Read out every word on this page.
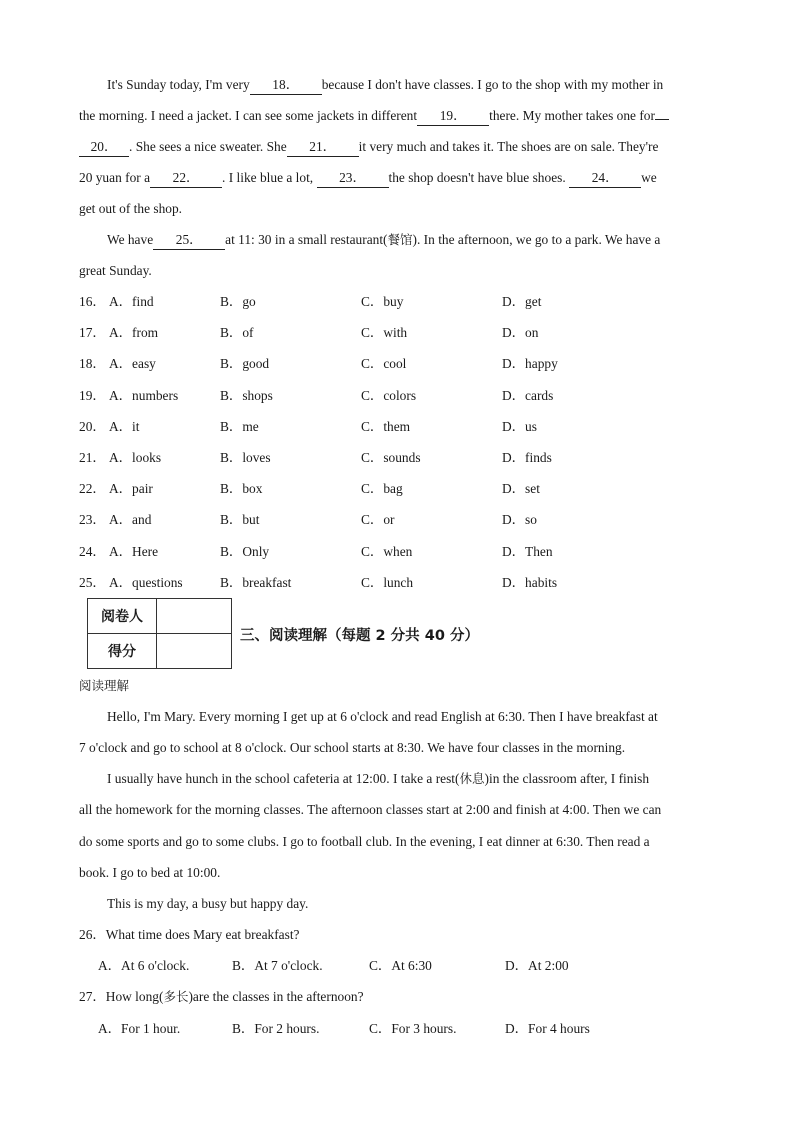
It's Sunday today, I'm very 18． because I don't have classes. I go to the shop with my mother in
the morning. I need a jacket. I can see some jackets in different 19． there. My mother takes one for
20． . She sees a nice sweater. She 21． it very much and takes it. The shoes are on sale. They're
20 yuan for a 22． . I like blue a lot, 23． the shop doesn't have blue shoes. 24． we
get out of the shop.
We have 25． at 11: 30 in a small restaurant(餐馆). In the afternoon, we go to a park. We have a
great Sunday.
16． A．find	B．go	C．buy	D．get
17． A．from	B．of	C．with	D．on
18． A．easy	B．good	C．cool	D．happy
19． A．numbers	B．shops	C．colors	D．cards
20． A．it	B．me	C．them	D．us
21． A．looks	B．loves	C．sounds	D．finds
22． A．pair	B．box	C．bag	D．set
23． A．and	B．but	C．or	D．so
24． A．Here	B．Only	C．when	D．Then
25． A．questions	B．breakfast	C．lunch	D．habits
阅卷人	
得分	
三、阅读理解（每题 2 分共 40 分）
阅读理解
Hello, I'm Mary. Every morning I get up at 6 o'clock and read English at 6:30. Then I have breakfast at
7 o'clock and go to school at 8 o'clock. Our school starts at 8:30. We have four classes in the morning.
I usually have hunch in the school cafeteria at 12:00. I take a rest(休息)in the classroom after, I finish
all the homework for the morning classes. The afternoon classes start at 2:00 and finish at 4:00. Then we can
do some sports and go to some clubs. I go to football club. In the evening, I eat dinner at 6:30. Then read a
book. I go to bed at 10:00.
This is my day, a busy but happy day.
26．What time does Mary eat breakfast?
A．At 6 o'clock.	B．At 7 o'clock.	C．At 6:30	D．At 2:00
27．How long(多长)are the classes in the afternoon?
A．For 1 hour.	B．For 2 hours.	C．For 3 hours.	D．For 4 hours
